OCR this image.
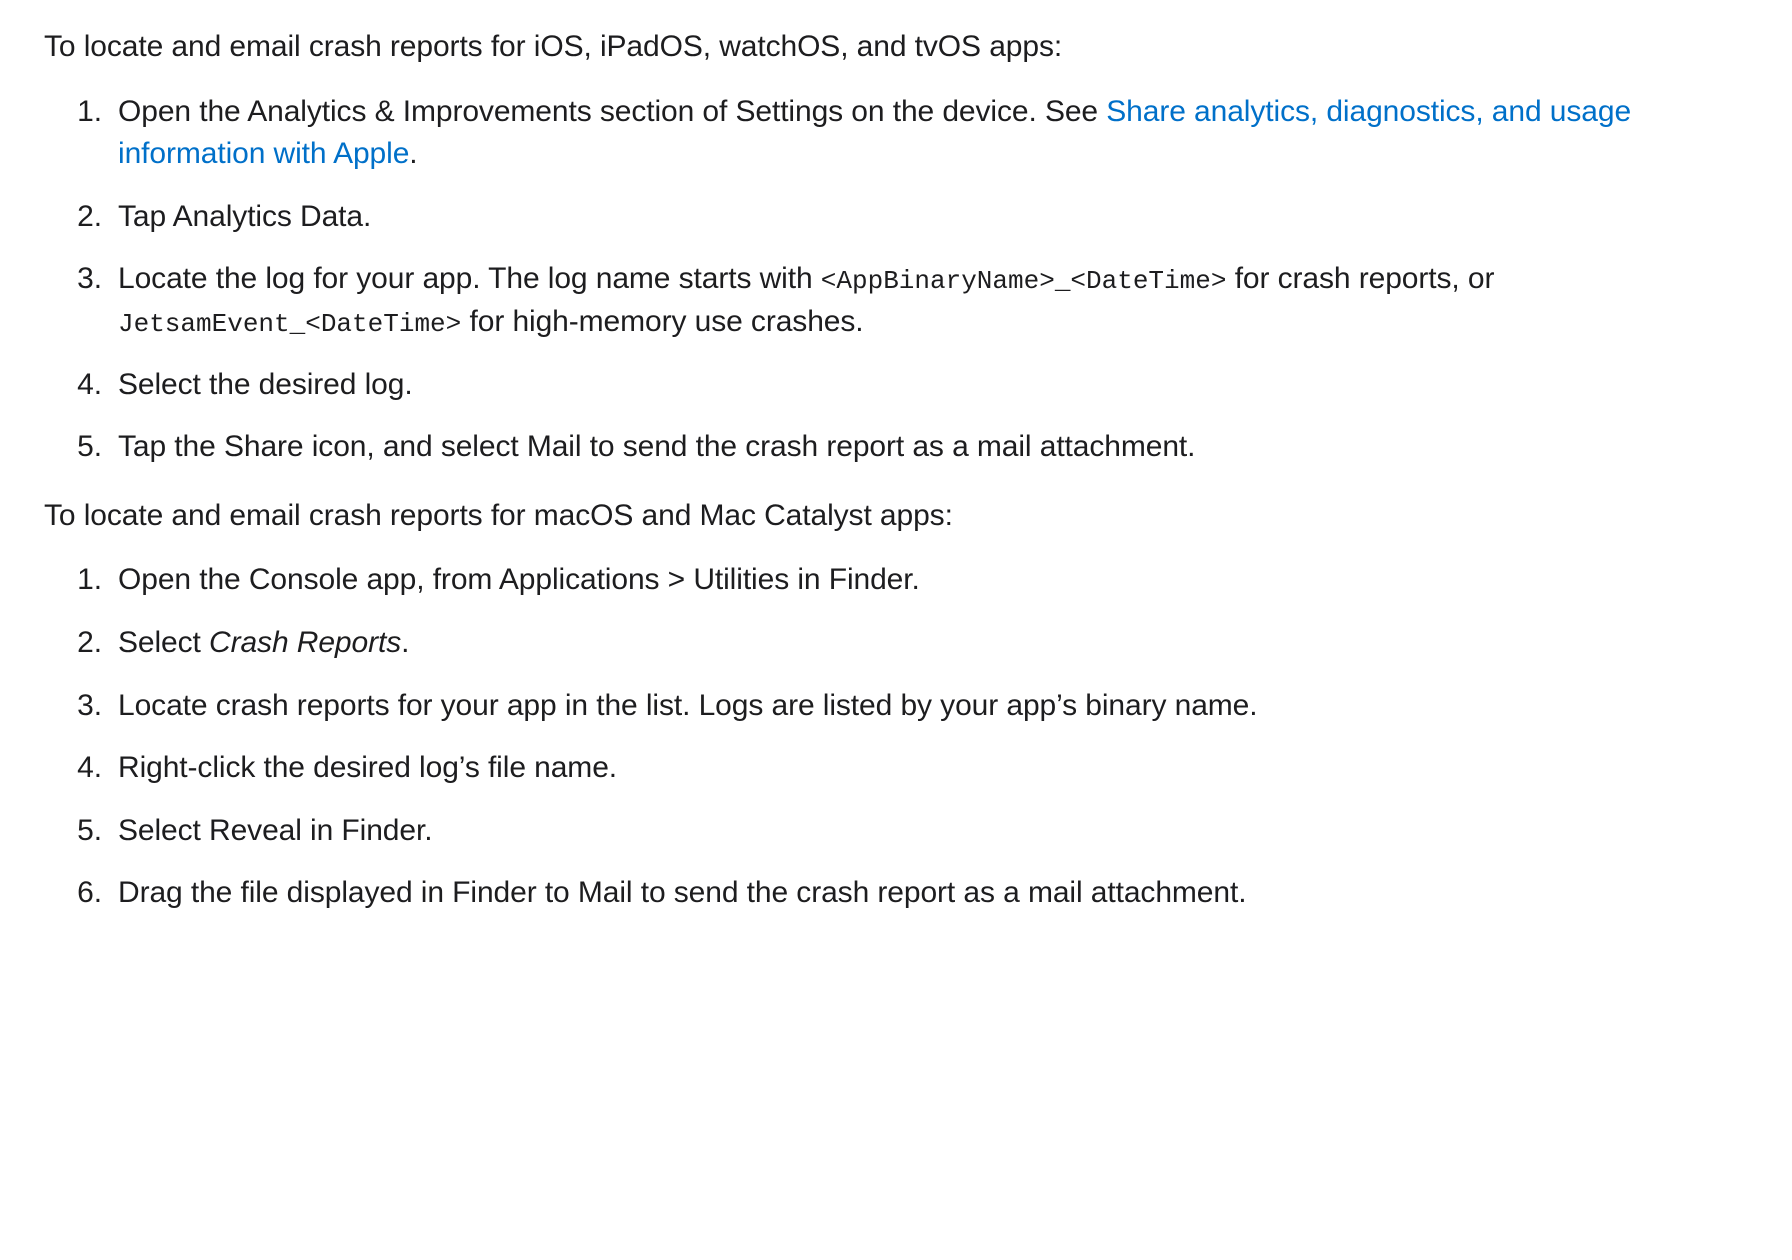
To locate and email crash reports for iOS, iPadOS, watchOS, and tvOS apps:

1. Open the Analytics & Improvements section of Settings on the device. See Share analytics, diagnostics, and usage information with Apple.
2. Tap Analytics Data.
3. Locate the log for your app. The log name starts with <AppBinaryName>_<DateTime> for crash reports, or JetsamEvent_<DateTime> for high-memory use crashes.
4. Select the desired log.
5. Tap the Share icon, and select Mail to send the crash report as a mail attachment.

To locate and email crash reports for macOS and Mac Catalyst apps:

1. Open the Console app, from Applications > Utilities in Finder.
2. Select Crash Reports.
3. Locate crash reports for your app in the list. Logs are listed by your app’s binary name.
4. Right-click the desired log’s file name.
5. Select Reveal in Finder.
6. Drag the file displayed in Finder to Mail to send the crash report as a mail attachment.
